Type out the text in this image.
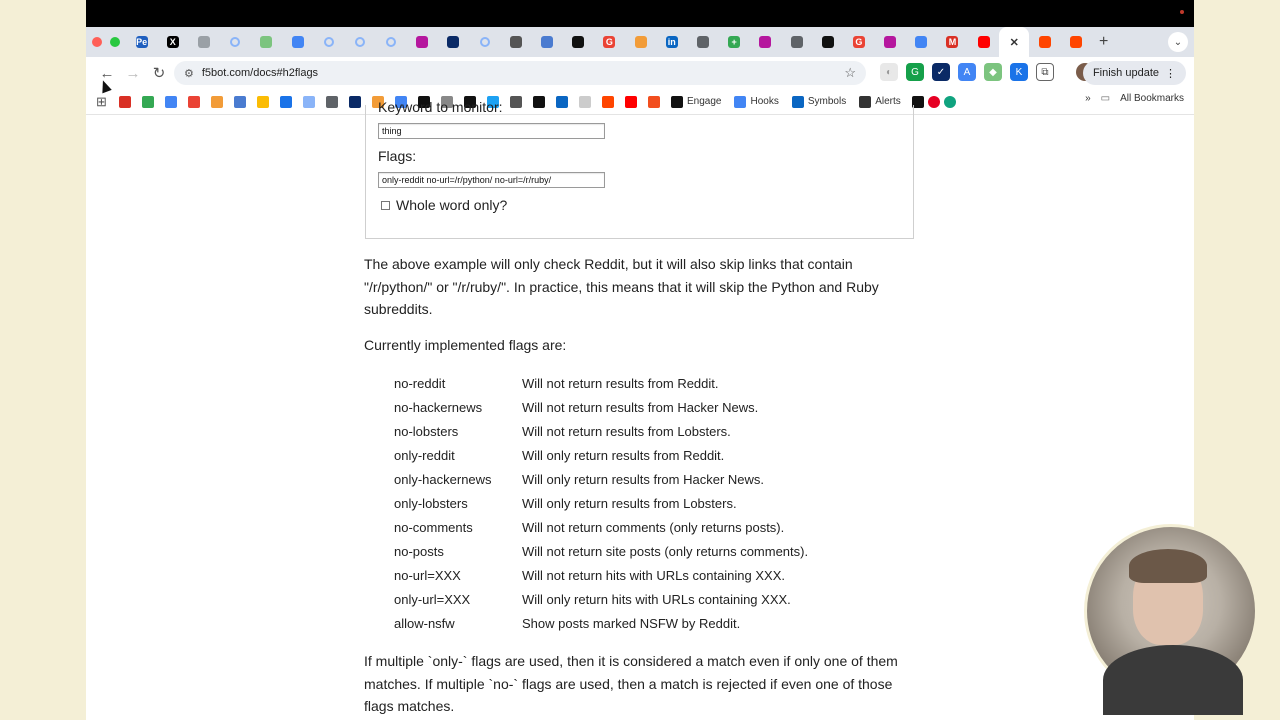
Pe	X	G	in	+	G	M	✕	+	⌄
← → ↻	⚙ f5bot.com/docs#h2flags	☆	◐	G	✓	A	◆	K	⧉	Finish update ⋮
⊞	Engage	Hooks	Symbols	Alerts	» ▭ All Bookmarks
Keyword to monitor:
thing
Flags:
only-reddit no-url=/r/python/ no-url=/r/ruby/
Whole word only?
The above example will only check Reddit, but it will also skip links that contain
"/r/python/" or "/r/ruby/". In practice, this means that it will skip the Python and Ruby
subreddits.
Currently implemented flags are:
no-reddit	Will not return results from Reddit.
no-hackernews	Will not return results from Hacker News.
no-lobsters	Will not return results from Lobsters.
only-reddit	Will only return results from Reddit.
only-hackernews	Will only return results from Hacker News.
only-lobsters	Will only return results from Lobsters.
no-comments	Will not return comments (only returns posts).
no-posts	Will not return site posts (only returns comments).
no-url=XXX	Will not return hits with URLs containing XXX.
only-url=XXX	Will only return hits with URLs containing XXX.
allow-nsfw	Show posts marked NSFW by Reddit.
If multiple `only-` flags are used, then it is considered a match even if only one of them
matches. If multiple `no-` flags are used, then a match is rejected if even one of those
flags matches.
